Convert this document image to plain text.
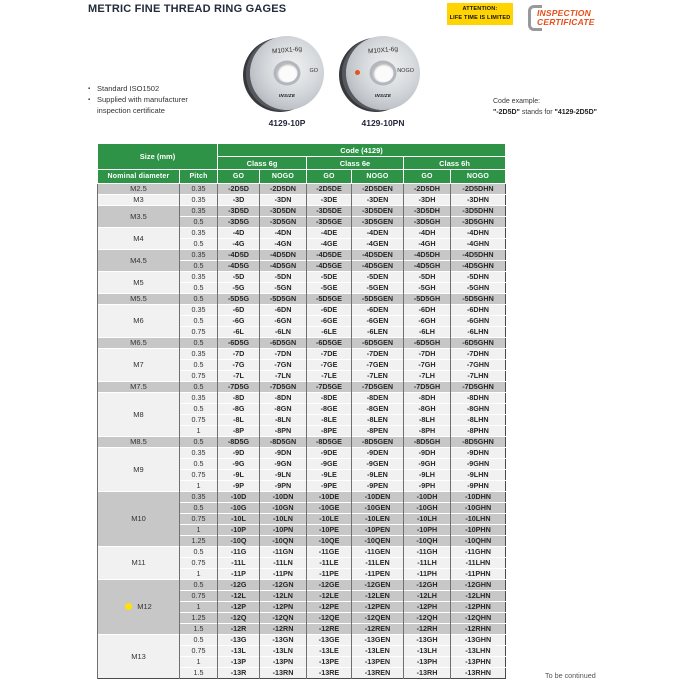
METRIC FINE THREAD RING GAGES	ATTENTION:
LIFE TIME IS LIMITED
INSPECTION
CERTIFICATE
M10X1-6g
GO
INSIZE
4129-10P
M10X1-6g
NOGO
INSIZE
4129-10PN
▪ Standard ISO1502
▪ Supplied with manufacturer inspection certificate
Code example:
"-2D5D" stands for "4129-2D5D"
Size (mm)		Code (4129)					
		Class 6g		Class 6e		Class 6h	
Nominal diameter	Pitch	GO	NOGO	GO	NOGO	GO	NOGO
M2.5	0.35	-2D5D	-2D5DN	-2D5DE	-2D5DEN	-2D5DH	-2D5DHN
M3	0.35	-3D	-3DN	-3DE	-3DEN	-3DH	-3DHN
M3.5	0.35	-3D5D	-3D5DN	-3D5DE	-3D5DEN	-3D5DH	-3D5DHN
	0.5	-3D5G	-3D5GN	-3D5GE	-3D5GEN	-3D5GH	-3D5GHN
M4	0.35	-4D	-4DN	-4DE	-4DEN	-4DH	-4DHN
	0.5	-4G	-4GN	-4GE	-4GEN	-4GH	-4GHN
M4.5	0.35	-4D5D	-4D5DN	-4D5DE	-4D5DEN	-4D5DH	-4D5DHN
	0.5	-4D5G	-4D5GN	-4D5GE	-4D5GEN	-4D5GH	-4D5GHN
M5	0.35	-5D	-5DN	-5DE	-5DEN	-5DH	-5DHN
	0.5	-5G	-5GN	-5GE	-5GEN	-5GH	-5GHN
M5.5	0.5	-5D5G	-5D5GN	-5D5GE	-5D5GEN	-5D5GH	-5D5GHN
M6	0.35	-6D	-6DN	-6DE	-6DEN	-6DH	-6DHN
	0.5	-6G	-6GN	-6GE	-6GEN	-6GH	-6GHN
	0.75	-6L	-6LN	-6LE	-6LEN	-6LH	-6LHN
M6.5	0.5	-6D5G	-6D5GN	-6D5GE	-6D5GEN	-6D5GH	-6D5GHN
M7	0.35	-7D	-7DN	-7DE	-7DEN	-7DH	-7DHN
	0.5	-7G	-7GN	-7GE	-7GEN	-7GH	-7GHN
	0.75	-7L	-7LN	-7LE	-7LEN	-7LH	-7LHN
M7.5	0.5	-7D5G	-7D5GN	-7D5GE	-7D5GEN	-7D5GH	-7D5GHN
M8	0.35	-8D	-8DN	-8DE	-8DEN	-8DH	-8DHN
	0.5	-8G	-8GN	-8GE	-8GEN	-8GH	-8GHN
	0.75	-8L	-8LN	-8LE	-8LEN	-8LH	-8LHN
	1	-8P	-8PN	-8PE	-8PEN	-8PH	-8PHN
M8.5	0.5	-8D5G	-8D5GN	-8D5GE	-8D5GEN	-8D5GH	-8D5GHN
M9	0.35	-9D	-9DN	-9DE	-9DEN	-9DH	-9DHN
	0.5	-9G	-9GN	-9GE	-9GEN	-9GH	-9GHN
	0.75	-9L	-9LN	-9LE	-9LEN	-9LH	-9LHN
	1	-9P	-9PN	-9PE	-9PEN	-9PH	-9PHN
M10	0.35	-10D	-10DN	-10DE	-10DEN	-10DH	-10DHN
	0.5	-10G	-10GN	-10GE	-10GEN	-10GH	-10GHN
	0.75	-10L	-10LN	-10LE	-10LEN	-10LH	-10LHN
	1	-10P	-10PN	-10PE	-10PEN	-10PH	-10PHN
	1.25	-10Q	-10QN	-10QE	-10QEN	-10QH	-10QHN
M11	0.5	-11G	-11GN	-11GE	-11GEN	-11GH	-11GHN
	0.75	-11L	-11LN	-11LE	-11LEN	-11LH	-11LHN
	1	-11P	-11PN	-11PE	-11PEN	-11PH	-11PHN
M12	0.5	-12G	-12GN	-12GE	-12GEN	-12GH	-12GHN
	0.75	-12L	-12LN	-12LE	-12LEN	-12LH	-12LHN
	1	-12P	-12PN	-12PE	-12PEN	-12PH	-12PHN
	1.25	-12Q	-12QN	-12QE	-12QEN	-12QH	-12QHN
	1.5	-12R	-12RN	-12RE	-12REN	-12RH	-12RHN
M13	0.5	-13G	-13GN	-13GE	-13GEN	-13GH	-13GHN
	0.75	-13L	-13LN	-13LE	-13LEN	-13LH	-13LHN
	1	-13P	-13PN	-13PE	-13PEN	-13PH	-13PHN
	1.5	-13R	-13RN	-13RE	-13REN	-13RH	-13RHN	To be continued
